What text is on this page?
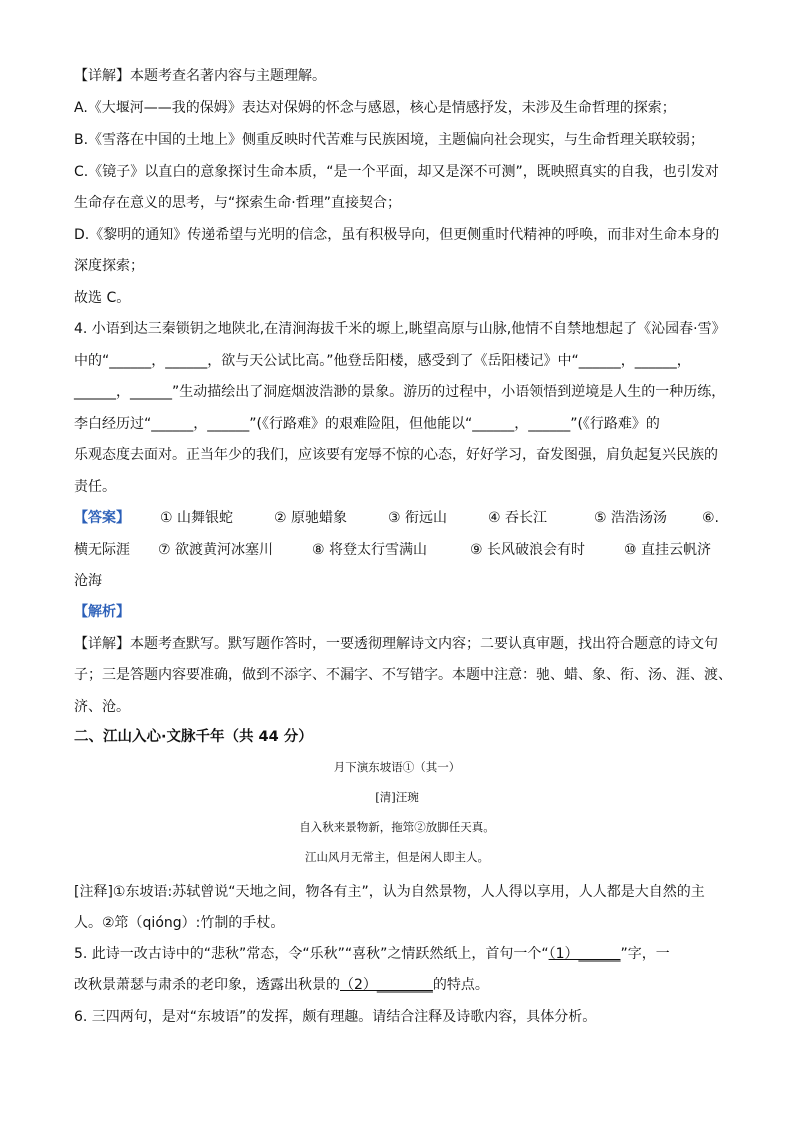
【详解】本题考查名著内容与主题理解。
A.《大堰河——我的保姆》表达对保姆的怀念与感恩，核心是情感抒发，未涉及生命哲理的探索；
B.《雪落在中国的土地上》侧重反映时代苦难与民族困境，主题偏向社会现实，与生命哲理关联较弱；
C.《镜子》以直白的意象探讨生命本质，“是一个平面，却又是深不可测”，既映照真实的自我，也引发对
生命存在意义的思考，与“探索生命·哲理”直接契合；
D.《黎明的通知》传递希望与光明的信念，虽有积极导向，但更侧重时代精神的呼唤，而非对生命本身的
深度探索；
故选 C。
4. 小语到达三秦锁钥之地陕北,在清涧海拔千米的塬上,眺望高原与山脉,他情不自禁地想起了《沁园春·雪》
中的“______，______，欲与天公试比高。”他登岳阳楼，感受到了《岳阳楼记》中“______，______，
______，______”生动描绘出了洞庭烟波浩渺的景象。游历的过程中，小语领悟到逆境是人生的一种历练，
李白经历过“______，______”(《行路难》的艰难险阻，但他能以“______，______”(《行路难》的
乐观态度去面对。正当年少的我们，应该要有宠辱不惊的心态，好好学习，奋发图强，肩负起复兴民族的
责任。
【答案】 ① 山舞银蛇	② 原驰蜡象	③ 衔远山	④ 吞长江	⑤ 浩浩汤汤 ⑥.
横无际涯 ⑦ 欲渡黄河冰塞川	⑧ 将登太行雪满山	⑨ 长风破浪会有时	⑩ 直挂云帆济
沧海
【解析】
【详解】本题考查默写。默写题作答时，一要透彻理解诗文内容；二要认真审题，找出符合题意的诗文句
子；三是答题内容要准确，做到不添字、不漏字、不写错字。本题中注意：驰、蜡、象、衔、汤、涯、渡、
济、沧。
二、江山入心·文脉千年（共 44 分）
月下演东坡语①（其一）
[清]汪琬
自入秋来景物新，拖筇②放脚任天真。
江山风月无常主，但是闲人即主人。
[注释]①东坡语:苏轼曾说“天地之间，物各有主”，认为自然景物，人人得以享用，人人都是大自然的主
人。②筇（qióng）:竹制的手杖。
5. 此诗一改古诗中的“悲秋”常态，令“乐秋”“喜秋”之情跃然纸上，首句一个“（1）______”字，一
改秋景萧瑟与肃杀的老印象，透露出秋景的（2）________的特点。
6. 三四两句，是对“东坡语”的发挥，颇有理趣。请结合注释及诗歌内容，具体分析。
